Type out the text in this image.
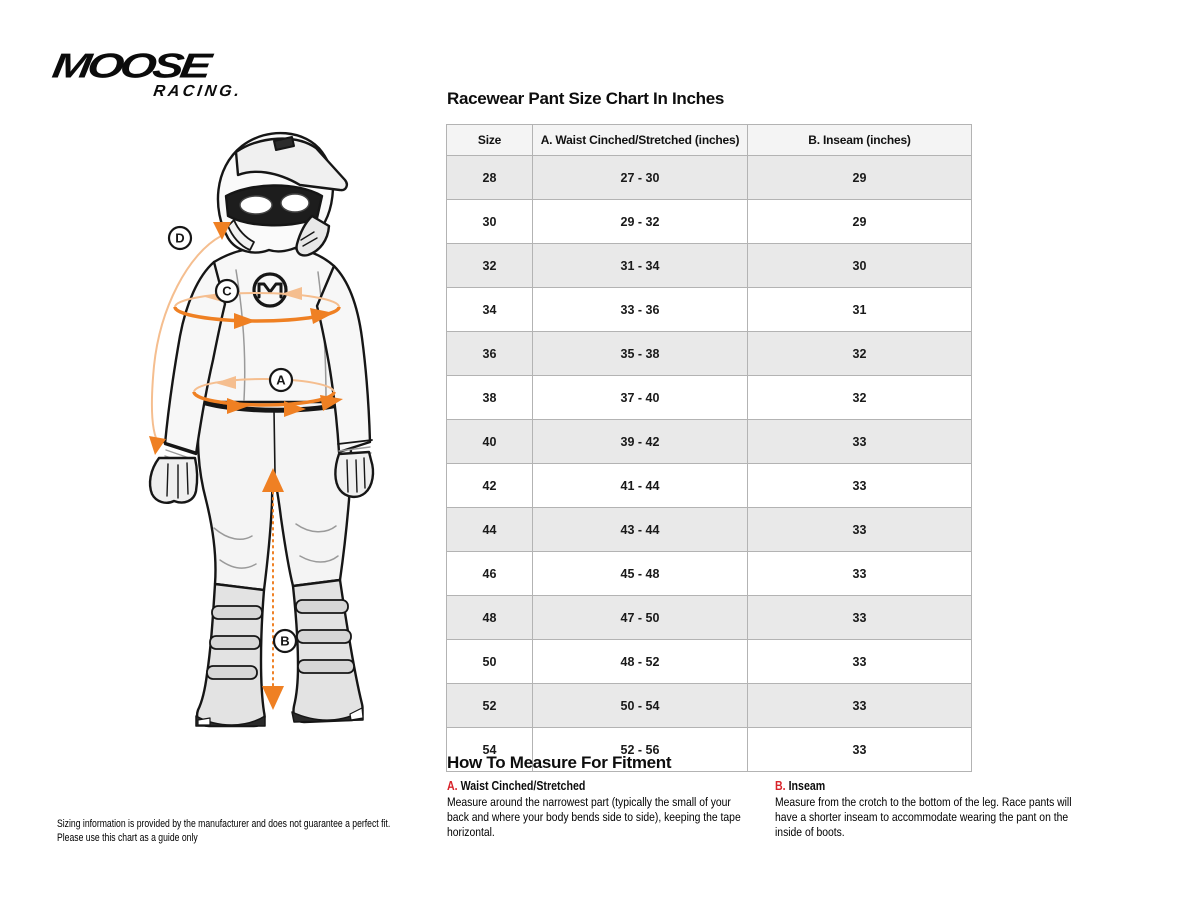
MOOSE
RACING.
D
C
A
B
Racewear Pant Size Chart In Inches
Size	A. Waist Cinched/Stretched (inches)	B. Inseam (inches)
28	27 - 30	29
30	29 - 32	29
32	31 - 34	30
34	33 - 36	31
36	35 - 38	32
38	37 - 40	32
40	39 - 42	33
42	41 - 44	33
44	43 - 44	33
46	45 - 48	33
48	47 - 50	33
50	48 - 52	33
52	50 - 54	33
54	52 - 56	33
How To Measure For Fitment
A. Waist Cinched/Stretched
Measure around the narrowest part (typically the small of your back and where your body bends side to side), keeping the tape horizontal.
B. Inseam
Measure from the crotch to the bottom of the leg. Race pants will have a shorter inseam to accommodate wearing the pant on the inside of boots.
Sizing information is provided by the manufacturer and does not guarantee a perfect fit.
Please use this chart as a guide only
